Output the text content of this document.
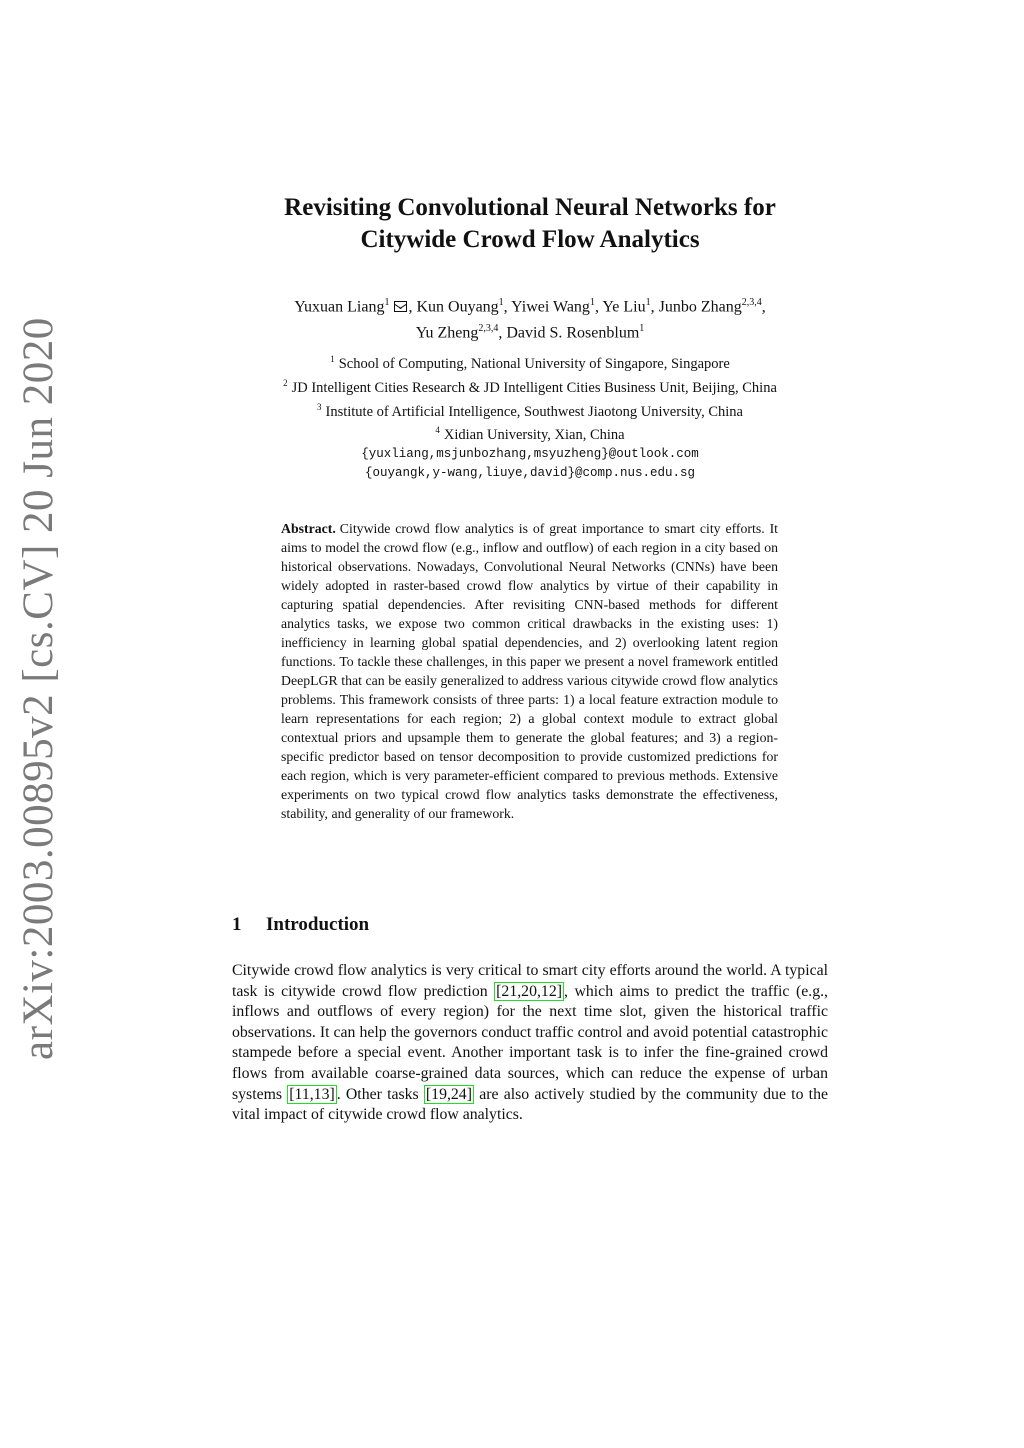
arXiv:2003.00895v2 [cs.CV] 20 Jun 2020
Revisiting Convolutional Neural Networks for
Citywide Crowd Flow Analytics
Yuxuan Liang$^1$ , Kun Ouyang$^1$, Yiwei Wang$^1$, Ye Liu$^1$, Junbo Zhang$^{2,3,4}$,
Yu Zheng$^{2,3,4}$, David S. Rosenblum$^1$
$^1$ School of Computing, National University of Singapore, Singapore
$^2$ JD Intelligent Cities Research & JD Intelligent Cities Business Unit, Beijing, China
$^3$ Institute of Artificial Intelligence, Southwest Jiaotong University, China
$^4$ Xidian University, Xian, China
{yuxliang,msjunbozhang,msyuzheng}@outlook.com
{ouyangk,y-wang,liuye,david}@comp.nus.edu.sg
Abstract. Citywide crowd flow analytics is of great importance to smart city efforts. It aims to model the crowd flow (e.g., inflow and outflow) of each region in a city based on historical observations. Nowadays, Convolutional Neural Networks (CNNs) have been widely adopted in raster-based crowd flow analytics by virtue of their capability in capturing spatial dependencies. After revisiting CNN-based methods for different analytics tasks, we expose two common critical drawbacks in the existing uses: 1) inefficiency in learning global spatial dependencies, and 2) overlooking latent region functions. To tackle these challenges, in this paper we present a novel framework entitled DeepLGR that can be easily generalized to address various citywide crowd flow analytics problems. This framework consists of three parts: 1) a local feature extraction module to learn representations for each region; 2) a global context module to extract global contextual priors and upsample them to generate the global features; and 3) a region-specific predictor based on tensor decomposition to provide customized predictions for each region, which is very parameter-efficient compared to previous methods. Extensive experiments on two typical crowd flow analytics tasks demonstrate the effectiveness, stability, and generality of our framework.
1 Introduction
Citywide crowd flow analytics is very critical to smart city efforts around the world. A typical task is citywide crowd flow prediction [21,20,12] , which aims to predict the traffic (e.g., inflows and outflows of every region) for the next time slot, given the historical traffic observations. It can help the governors conduct traffic control and avoid potential catastrophic stampede before a special event. Another important task is to infer the fine-grained crowd flows from available coarse-grained data sources, which can reduce the expense of urban systems [11,13] . Other tasks [19,24] are also actively studied by the community due to the vital impact of citywide crowd flow analytics.
